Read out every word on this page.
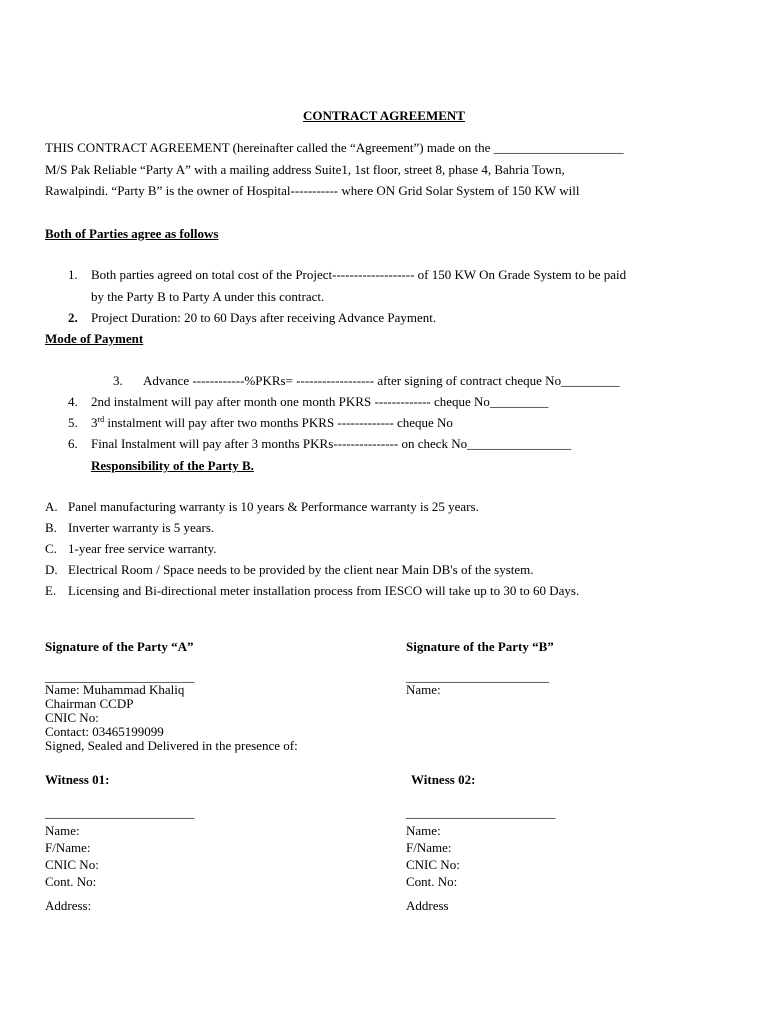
CONTRACT AGREEMENT
THIS CONTRACT AGREEMENT (hereinafter called the “Agreement”) made on the ____________________
M/S Pak Reliable “Party A” with a mailing address Suite1, 1st floor, street 8, phase 4, Bahria Town,
Rawalpindi. “Party B” is the owner of Hospital----------- where ON Grid Solar System of 150 KW will
Both of Parties agree as follows
1. Both parties agreed on total cost of the Project------------------- of 150 KW On Grade System to be paid
by the Party B to Party A under this contract.
2. Project Duration: 20 to 60 Days after receiving Advance Payment.
Mode of Payment
3. Advance ------------%PKRs= ------------------ after signing of contract cheque No_________
4. 2nd instalment will pay after month one month PKRS ------------- cheque No_________
5. 3rd instalment will pay after two months PKRS ------------- cheque No
6. Final Instalment will pay after 3 months PKRs--------------- on check No________________
Responsibility of the Party B.
A. Panel manufacturing warranty is 10 years & Performance warranty is 25 years.
B. Inverter warranty is 5 years.
C. 1-year free service warranty.
D. Electrical Room / Space needs to be provided by the client near Main DB's of the system.
E. Licensing and Bi-directional meter installation process from IESCO will take up to 30 to 60 Days.
Signature of the Party “A”	Signature of the Party “B”
_______________________	______________________
Name: Muhammad Khaliq	Name:
Chairman CCDP
CNIC No:
Contact: 03465199099
Signed, Sealed and Delivered in the presence of:
Witness 01:	Witness 02:
_______________________	_______________________
Name:	Name:
F/Name:	F/Name:
CNIC No:	CNIC No:
Cont. No:	Cont. No:
Address:	Address
